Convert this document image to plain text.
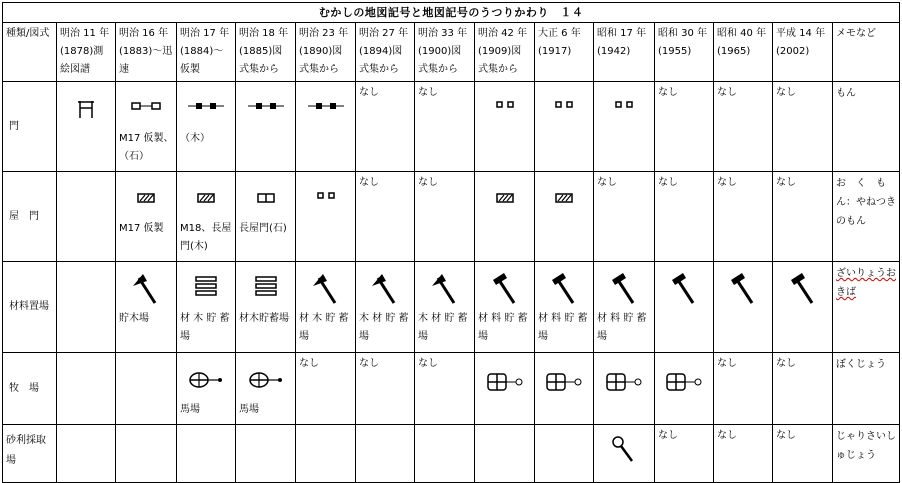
むかしの地図記号と地図記号のうつりかわり　１４														

種類/図式	明治 11 年　(1878)測絵図譜	明治 16 年　(1883)～迅速	明治 17 年　(1884)～仮製	明治 18 年　(1885)図式集から	明治 23 年　(1890)図式集から	明治 27 年　(1894)図式集から	明治 33 年　(1900)図式集から	明治 42 年　(1909)図式集から	大正 6 年　(1917)	昭和 17 年　(1942)	昭和 30 年　(1955)	昭和 40 年　(1965)	平成 14 年　(2002)	メモなど

門		M17 仮製、（石）	（木）			なし	なし				なし	なし	なし	もん

屋　門		M17 仮製	M18、長屋門(木)	長屋門(石)		なし	なし			なし	なし	なし	なし	お　く　も　ん：やねつきのもん

材料置場		貯木場	材 木 貯 蓄 場	材木貯蓄場	材 木 貯 蓄 場	木 材 貯 蓄 場	木 材 貯 蓄 場	材 料 貯 蓄 場	材 料 貯 蓄 場	材 料 貯 蓄 場				ざいりょうおきば

牧　場			馬場	馬場	なし	なし	なし					なし	なし	ぼくじょう

砂利採取場											なし	なし	なし	じゃりさいしゅじょう
